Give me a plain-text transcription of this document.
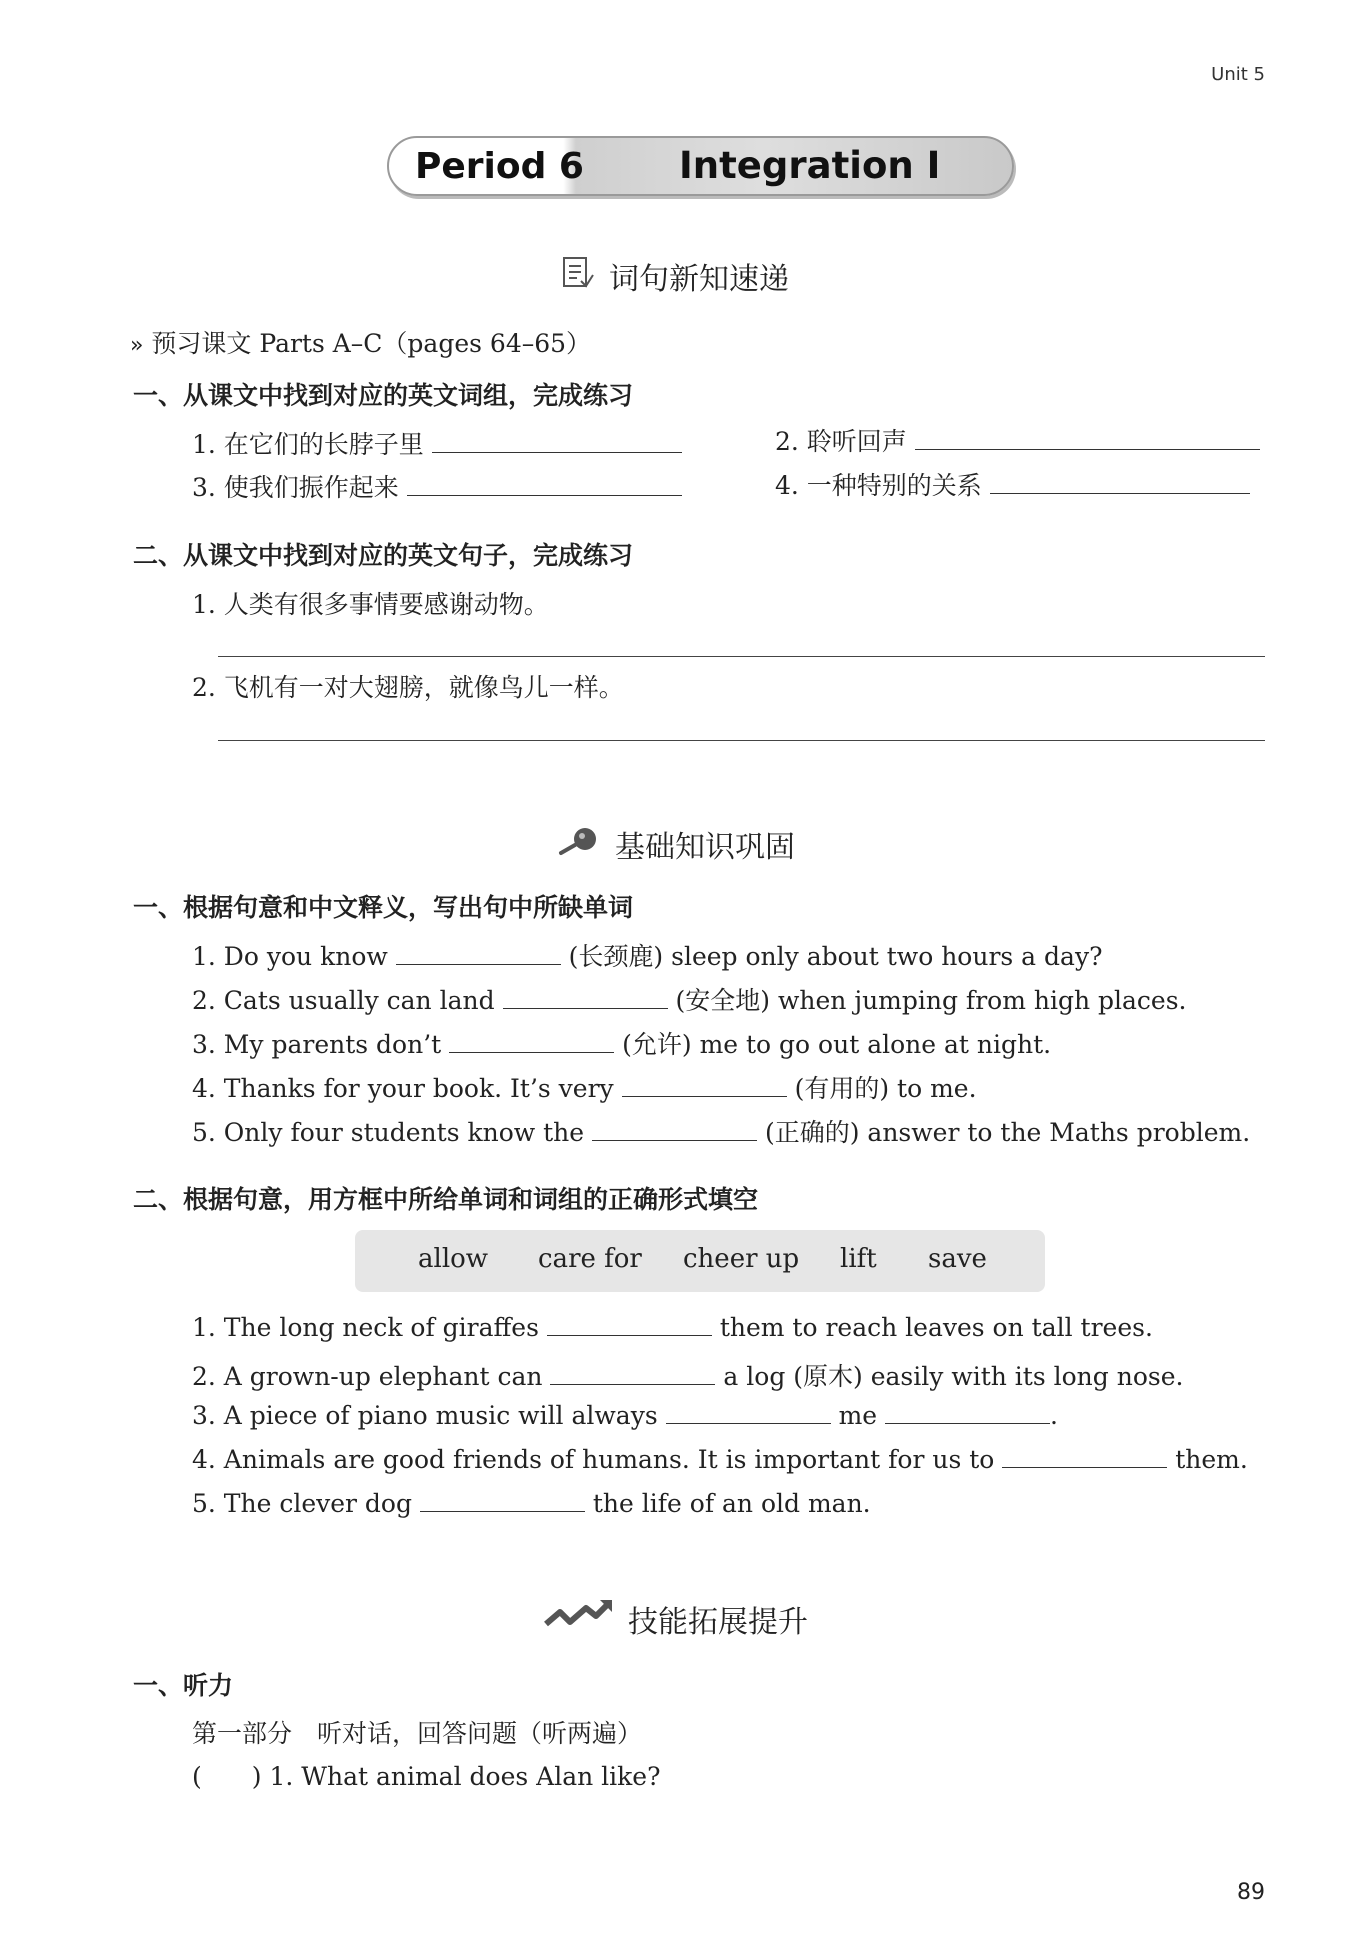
Unit 5
Period 6	Integration I
词句新知速递
» 预习课文 Parts A–C（pages 64–65）
一、从课文中找到对应的英文词组，完成练习
1. 在它们的长脖子里	2. 聆听回声
3. 使我们振作起来	4. 一种特别的关系
二、从课文中找到对应的英文句子，完成练习
1. 人类有很多事情要感谢动物。
2. 飞机有一对大翅膀，就像鸟儿一样。
基础知识巩固
一、根据句意和中文释义，写出句中所缺单词
1. Do you know	(长颈鹿) sleep only about two hours a day?
2. Cats usually can land	(安全地) when jumping from high places.
3. My parents don’t	(允许) me to go out alone at night.
4. Thanks for your book. It’s very	(有用的) to me.
5. Only four students know the	(正确的) answer to the Maths problem.
二、根据句意，用方框中所给单词和词组的正确形式填空
allow care for cheer up lift save
1. The long neck of giraffes	them to reach leaves on tall trees.
2. A grown-up elephant can	a log (原木) easily with its long nose.
3. A piece of piano music will always	me	.
4. Animals are good friends of humans. It is important for us to	them.
5. The clever dog	the life of an old man.
技能拓展提升
一、听力
第一部分　听对话，回答问题（听两遍）
(　　) 1. What animal does Alan like?
89
